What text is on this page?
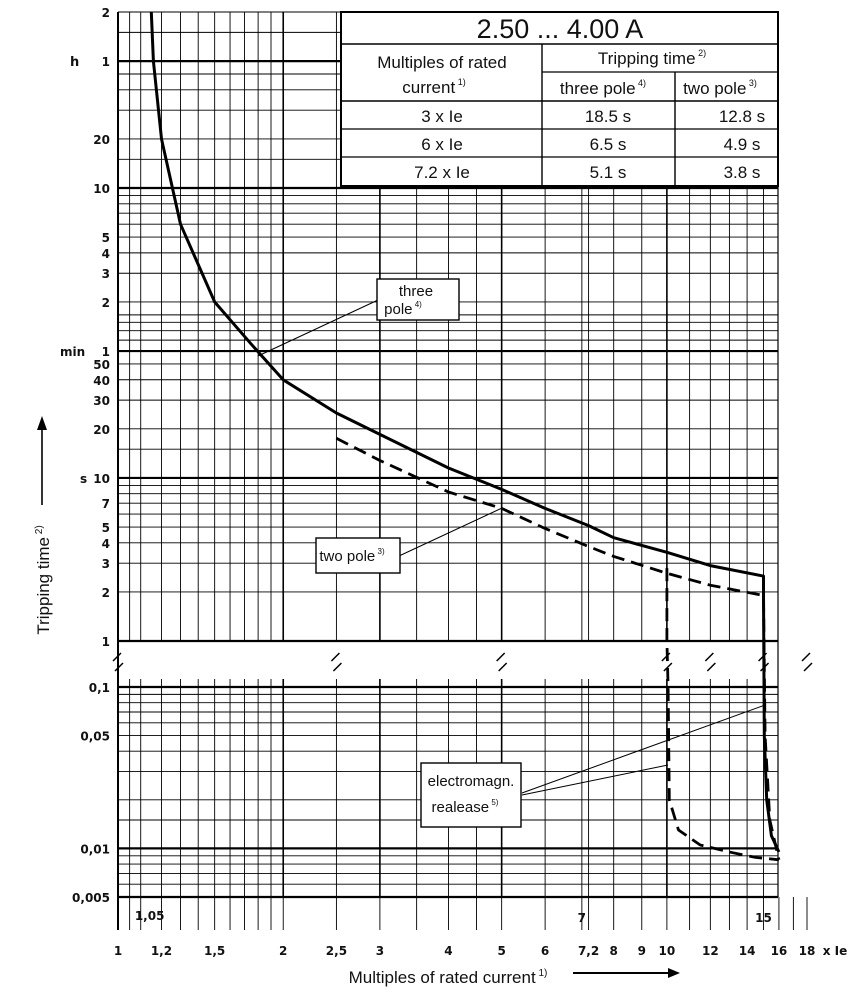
three
pole $^{4)}$
two pole $^{3)}$
electromagn.
realease $^{5)}$
2.50 ... 4.00 A
Multiples of rated
current $^{1)}$
Tripping time $^{2)}$
three pole $^{4)}$ two pole $^{3)}$
3 x Ie	18.5 s	12.8 s
6 x Ie	6.5 s	4.9 s
7.2 x Ie	5.1 s	3.8 s
2
1
20
10
5
4
3
2
1
50
40
30
20
10
7
5
4
3
2
1
0,1
0,05
0,01
0,005
h
min
s
1
1,05
1,2	1,5	2	2,5 3	4	5	6
7
7,2 8 9 10 12 14
15
16 18 x Ie
Multiples of rated current $^{1)}$
Tripping time $^{2)}$
